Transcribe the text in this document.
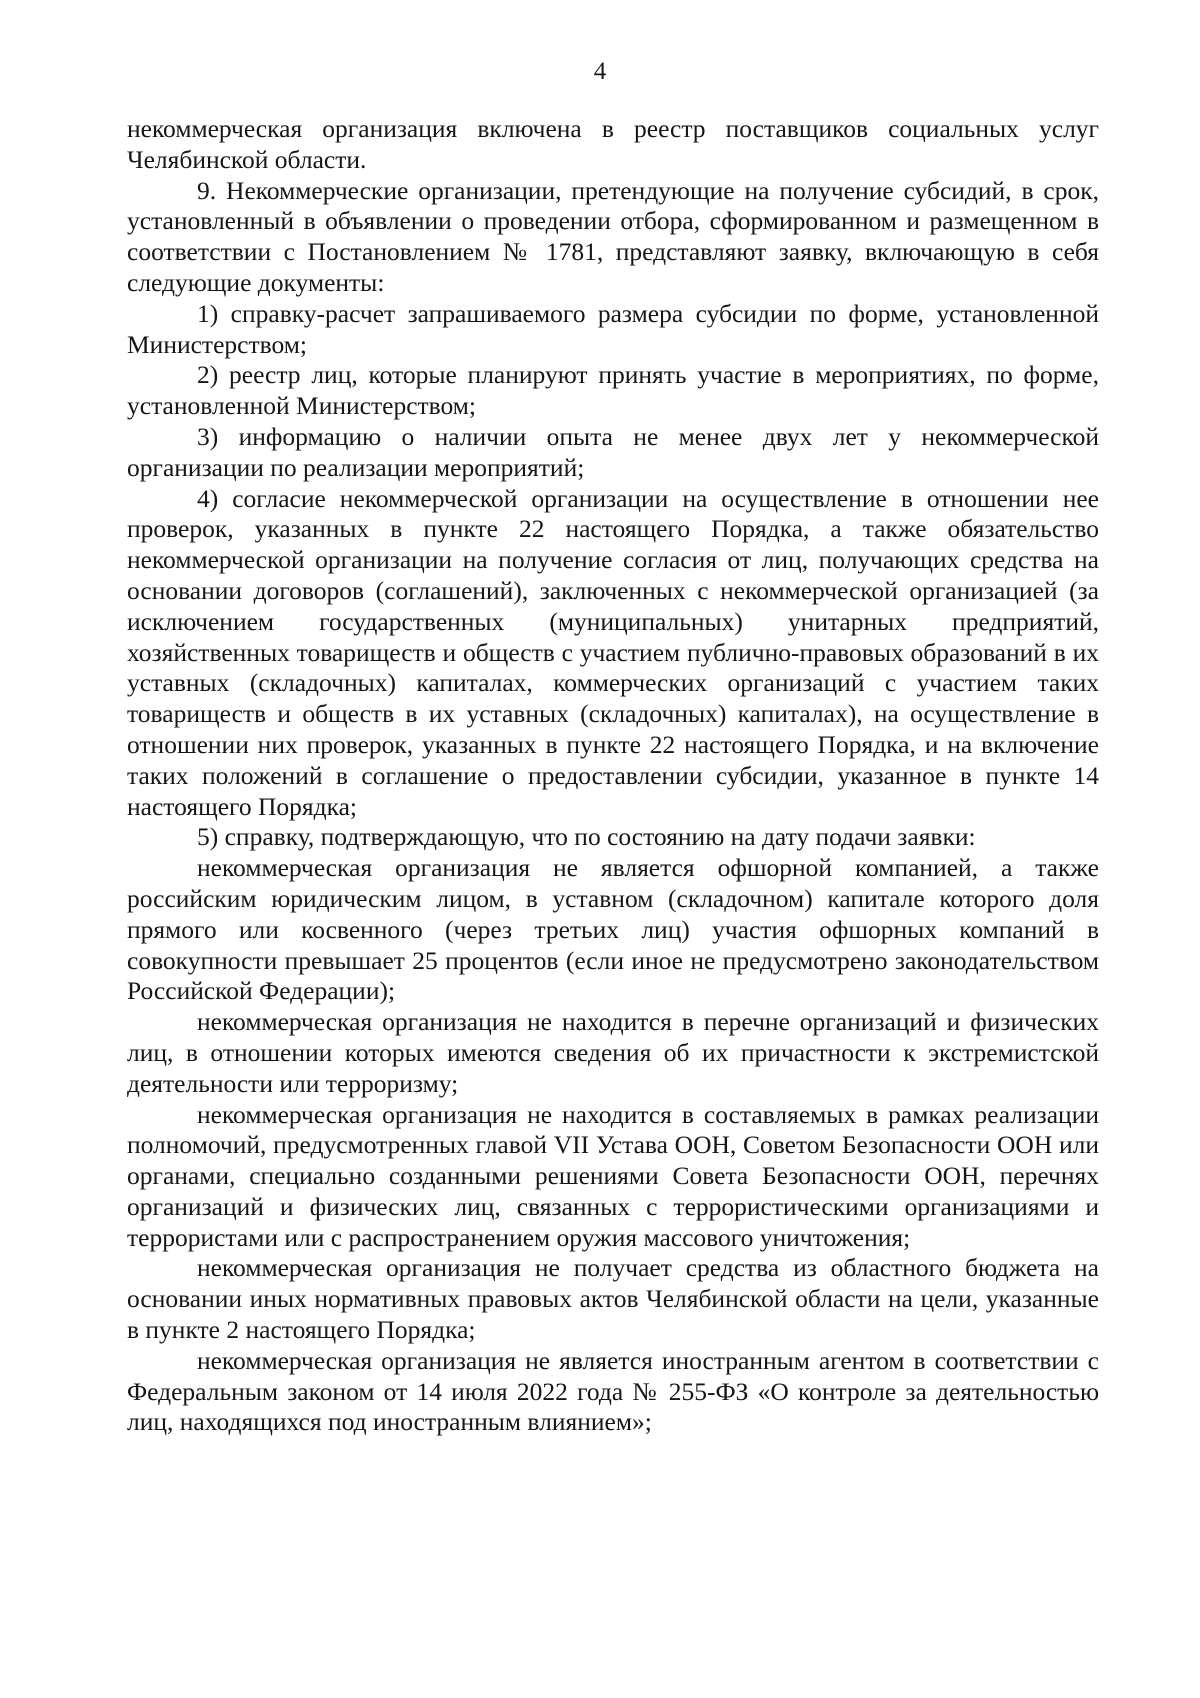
4

некоммерческая организация включена в реестр поставщиков социальных услуг Челябинской области.

9. Некоммерческие организации, претендующие на получение субсидий, в срок, установленный в объявлении о проведении отбора, сформированном и размещенном в соответствии с Постановлением № 1781, представляют заявку, включающую в себя следующие документы:

1) справку-расчет запрашиваемого размера субсидии по форме, установленной Министерством;

2) реестр лиц, которые планируют принять участие в мероприятиях, по форме, установленной Министерством;

3) информацию о наличии опыта не менее двух лет у некоммерческой организации по реализации мероприятий;

4) согласие некоммерческой организации на осуществление в отношении нее проверок, указанных в пункте 22 настоящего Порядка, а также обязательство некоммерческой организации на получение согласия от лиц, получающих средства на основании договоров (соглашений), заключенных с некоммерческой организацией (за исключением государственных (муниципальных) унитарных предприятий, хозяйственных товариществ и обществ с участием публично-правовых образований в их уставных (складочных) капиталах, коммерческих организаций с участием таких товариществ и обществ в их уставных (складочных) капиталах), на осуществление в отношении них проверок, указанных в пункте 22 настоящего Порядка, и на включение таких положений в соглашение о предоставлении субсидии, указанное в пункте 14 настоящего Порядка;

5) справку, подтверждающую, что по состоянию на дату подачи заявки:

некоммерческая организация не является офшорной компанией, а также российским юридическим лицом, в уставном (складочном) капитале которого доля прямого или косвенного (через третьих лиц) участия офшорных компаний в совокупности превышает 25 процентов (если иное не предусмотрено законодательством Российской Федерации);

некоммерческая организация не находится в перечне организаций и физических лиц, в отношении которых имеются сведения об их причастности к экстремистской деятельности или терроризму;

некоммерческая организация не находится в составляемых в рамках реализации полномочий, предусмотренных главой VII Устава ООН, Советом Безопасности ООН или органами, специально созданными решениями Совета Безопасности ООН, перечнях организаций и физических лиц, связанных с террористическими организациями и террористами или с распространением оружия массового уничтожения;

некоммерческая организация не получает средства из областного бюджета на основании иных нормативных правовых актов Челябинской области на цели, указанные в пункте 2 настоящего Порядка;

некоммерческая организация не является иностранным агентом в соответствии с Федеральным законом от 14 июля 2022 года № 255-ФЗ «О контроле за деятельностью лиц, находящихся под иностранным влиянием»;
